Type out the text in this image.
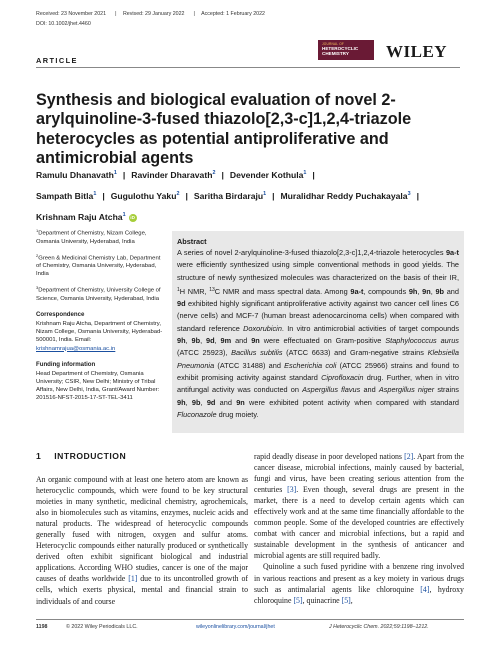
Received: 23 November 2021 | Revised: 29 January 2022 | Accepted: 1 February 2022
DOI: 10.1002/jhet.4460
ARTICLE
JOURNAL OF
HETEROCYCLIC
CHEMISTRY	WILEY
Synthesis and biological evaluation of novel 2-arylquinoline-3-fused thiazolo[2,3-c]1,2,4-triazole heterocycles as potential antiproliferative and antimicrobial agents
Ramulu Dhanavath$^1$ | Ravinder Dharavath$^2$ | Devender Kothula$^1$ |
Sampath Bitla$^1$ | Gugulothu Yaku$^2$ | Saritha Birdaraju$^1$ | Muralidhar Reddy Puchakayala$^3$ |
Krishnam Raju Atcha$^1$ iD

$^1$Department of Chemistry, Nizam College, Osmania University, Hyderabad, India

$^2$Green & Medicinal Chemistry Lab, Department of Chemistry, Osmania University, Hyderabad, India

$^3$Department of Chemistry, University College of Science, Osmania University, Hyderabad, India

Correspondence

Krishnam Raju Atcha, Department of Chemistry, Nizam College, Osmania University, Hyderabad-500001, India. Email: krishnamrajua@osmania.ac.in

Funding information

Head Department of Chemistry, Osmania University; CSIR, New Delhi; Ministry of Tribal Affairs, New Delhi, India, Grant/Award Number: 201516-NFST-2015-17-ST-TEL-3411

Abstract
A series of novel 2-arylquinoline-3-fused thiazolo[2,3-c]1,2,4-triazole heterocycles 9a-t were efficiently synthesized using simple conventional methods in good yields. The structure of newly synthesized molecules was characterized on the basis of their IR, $^1$H NMR, $^{13}$C NMR and mass spectral data. Among 9a-t, compounds 9h, 9n, 9b and 9d exhibited highly significant antiproliferative activity against two cancer cell lines C6 (nerve cells) and MCF-7 (human breast adenocarcinoma cells) when compared with standard reference Doxorubicin. In vitro antimicrobial activities of target compounds 9h, 9b, 9d, 9m and 9n were effectuated on Gram-positive Staphylococcus aurus (ATCC 25923), Bacillus subtilis (ATCC 6633) and Gram-negative strains Klebsiella Pneumonia (ATCC 31488) and Escherichia coli (ATCC 25966) strains and found to exhibit promising activity against standard Ciprofloxacin drug. Further, when in vitro antifungal activity was conducted on Aspergillus flavus and Aspergillus niger strains 9h, 9b, 9d and 9n were exhibited potent activity when compared with standard Fluconazole drug moiety.
1 INTRODUCTION

An organic compound with at least one hetero atom are known as heterocyclic compounds, which were found to be key structural moieties in many synthetic, medicinal chemistry, agrochemicals, also in biomolecules such as vitamins, enzymes, nucleic acids and natural products. The widespread of heterocyclic compounds generally fused with nitrogen, oxygen and sulfur atoms. Heterocyclic compounds either naturally produced or synthetically derived often exhibit significant biological and industrial applications. According WHO studies, cancer is one of the major causes of deaths worldwide [1] due to its uncontrolled growth of cells, which exerts physical, mental and financial strain to individuals of and course

rapid deadly disease in poor developed nations [2]. Apart from the cancer disease, microbial infections, mainly caused by bacterial, fungi and virus, have been creating serious attention from the centuries [3]. Even though, several drugs are present in the market, there is a need to develop certain agents which can effectively work and at the same time financially affordable to the common people. Some of the developed countries are effectively combat with cancer and microbial infections, but a rapid and sustainable development in the synthesis of anticancer and microbial agents are still required badly.

Quinoline a such fused pyridine with a benzene ring involved in various reactions and present as a key moiety in various drugs such as antimalarial agents like chloroquine [4], hydroxy chloroquine [5], quinacrine [5],

1198	© 2022 Wiley Periodicals LLC.	wileyonlinelibrary.com/journal/jhet	J Heterocyclic Chem. 2022;59:1198–1212.
